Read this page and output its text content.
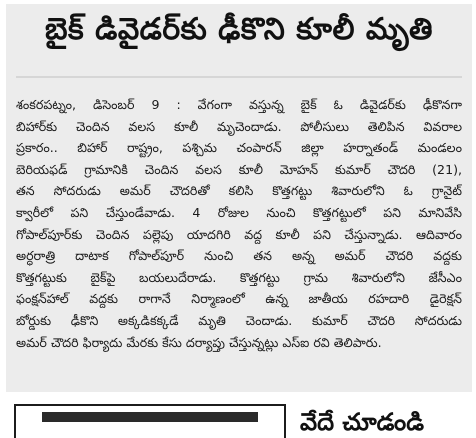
బైక్ డివైడర్‌కు ఢీకొని కూలీ మృతి
శంకరపట్నం, డిసెంబర్ 9 : వేగంగా వస్తున్న బైక్ ఓ డివైడర్‌కు ఢీకొనగా
బిహార్‌కు చెందిన వలస కూలీ మృచెందాడు. పోలీసులు తెలిపిన వివరాల
ప్రకారం.. బిహార్ రాష్ట్రం, పశ్చిమ చంపారన్ జిల్లా హర్నాతండ్ మండలం
బెరియఫడ్ గ్రామానికి చెందిన వలస కూలీ మోహన్ కుమార్ చౌదరి (21),
తన సోదరుడు అమర్ చౌదరితో కలిసి కొత్తగట్టు శివారులోని ఓ గ్రానైట్
క్వారీలో పని చేస్తుండేవాడు. 4 రోజుల నుంచి కొత్తగట్టులో పని మానివేసి
గోపాల్‌పూర్‌కు చెందిన పల్లెపు యాదగిరి వద్ద కూలీ పని చేస్తున్నాడు. ఆదివారం
అర్ధరాత్రి దాటాక గోపాల్‌పూర్ నుంచి తన అన్న అమర్ చౌదరి వద్దకు
కొత్తగట్టుకు బైక్‌పై బయలుదేరాడు. కొత్తగట్టు గ్రామ శివారులోని జేసీఎం
ఫంక్షన్‌హాల్ వద్దకు రాగానే నిర్మాణంలో ఉన్న జాతీయ రహదారి డైరెక్షన్
బోర్డుకు ఢీకొని అక్కడికక్కడే మృతి చెందాడు. కుమార్ చౌదరి సోదరుడు
అమర్ చౌదరి ఫిర్యాదు మేరకు కేసు దర్యాప్తు చేస్తున్నట్లు ఎస్ఐ రవి తెలిపారు.
వేదే చూడండి
